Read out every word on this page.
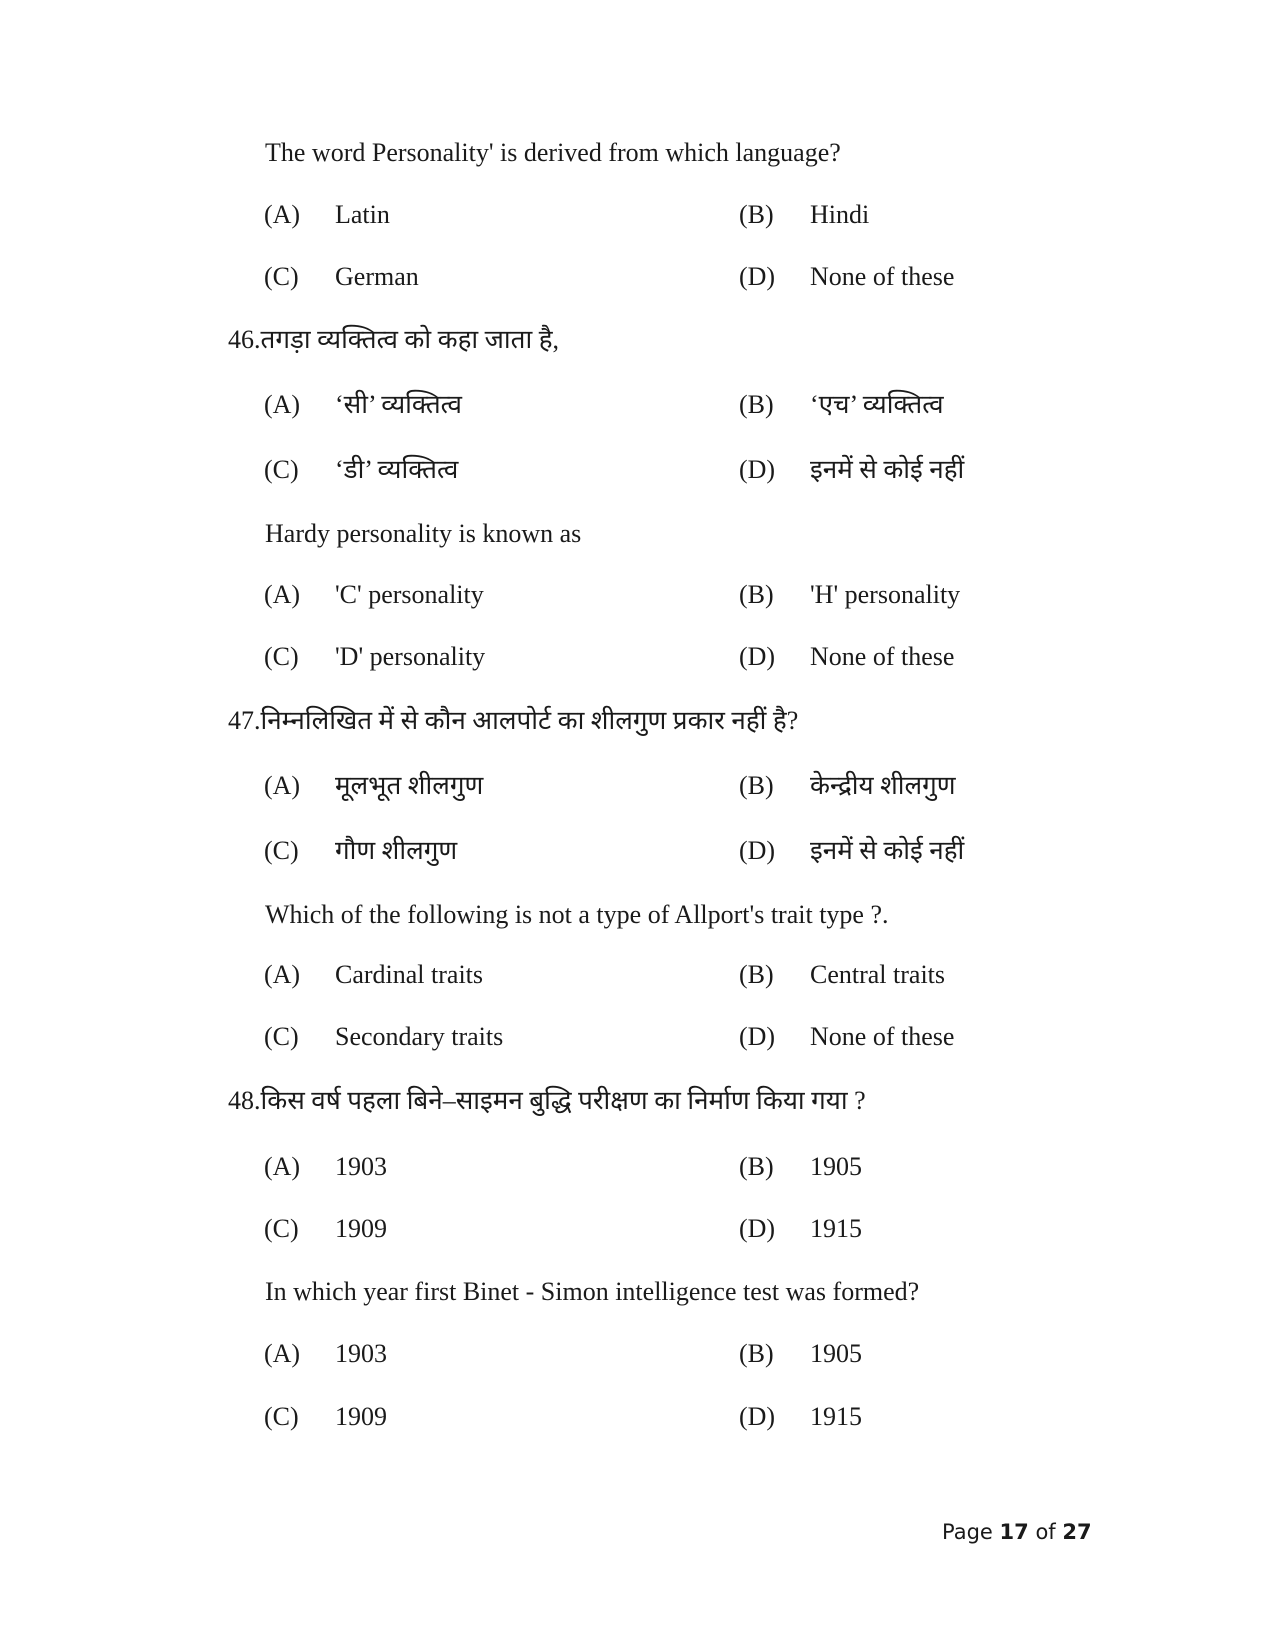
The word Personality' is derived from which language?
(A) Latin	(B) Hindi
(C) German	(D) None of these
46.तगड़ा व्यक्तित्व को कहा जाता है,
(A) ‘सी’ व्यक्तित्व	(B) ‘एच’ व्यक्तित्व
(C) ‘डी’ व्यक्तित्व	(D) इनमें से कोई नहीं
Hardy personality is known as
(A) 'C' personality	(B) 'H' personality
(C) 'D' personality	(D) None of these
47.निम्नलिखित में से कौन आलपोर्ट का शीलगुण प्रकार नहीं है?
(A) मूलभूत शीलगुण	(B) केन्द्रीय शीलगुण
(C) गौण शीलगुण	(D) इनमें से कोई नहीं
Which of the following is not a type of Allport's trait type ?.
(A) Cardinal traits	(B) Central traits
(C) Secondary traits	(D) None of these
48.किस वर्ष पहला बिने–साइमन बुद्धि परीक्षण का निर्माण किया गया ?
(A) 1903	(B) 1905
(C) 1909	(D) 1915
In which year first Binet - Simon intelligence test was formed?
(A) 1903	(B) 1905
(C) 1909	(D) 1915
Page 17 of 27
